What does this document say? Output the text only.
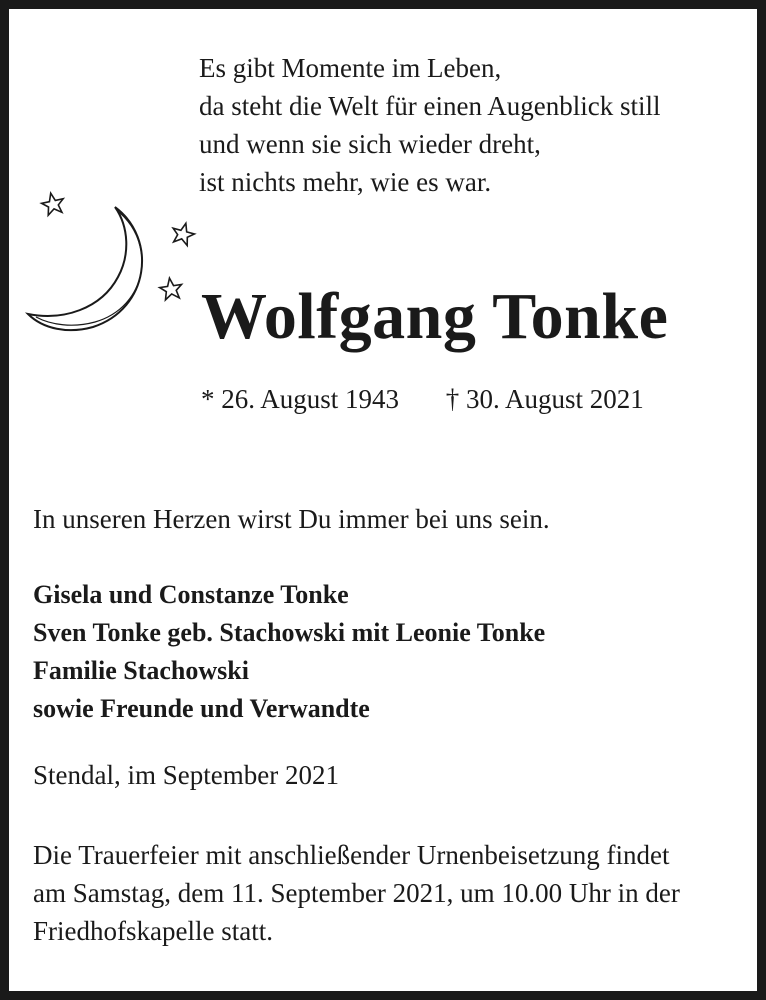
Es gibt Momente im Leben,
da steht die Welt für einen Augenblick still
und wenn sie sich wieder dreht,
ist nichts mehr, wie es war.
Wolfgang Tonke
* 26. August 1943 † 30. August 2021
In unseren Herzen wirst Du immer bei uns sein.
Gisela und Constanze Tonke
Sven Tonke geb. Stachowski mit Leonie Tonke
Familie Stachowski
sowie Freunde und Verwandte
Stendal, im September 2021
Die Trauerfeier mit anschließender Urnenbeisetzung findet
am Samstag, dem 11. September 2021, um 10.00 Uhr in der
Friedhofskapelle statt.
